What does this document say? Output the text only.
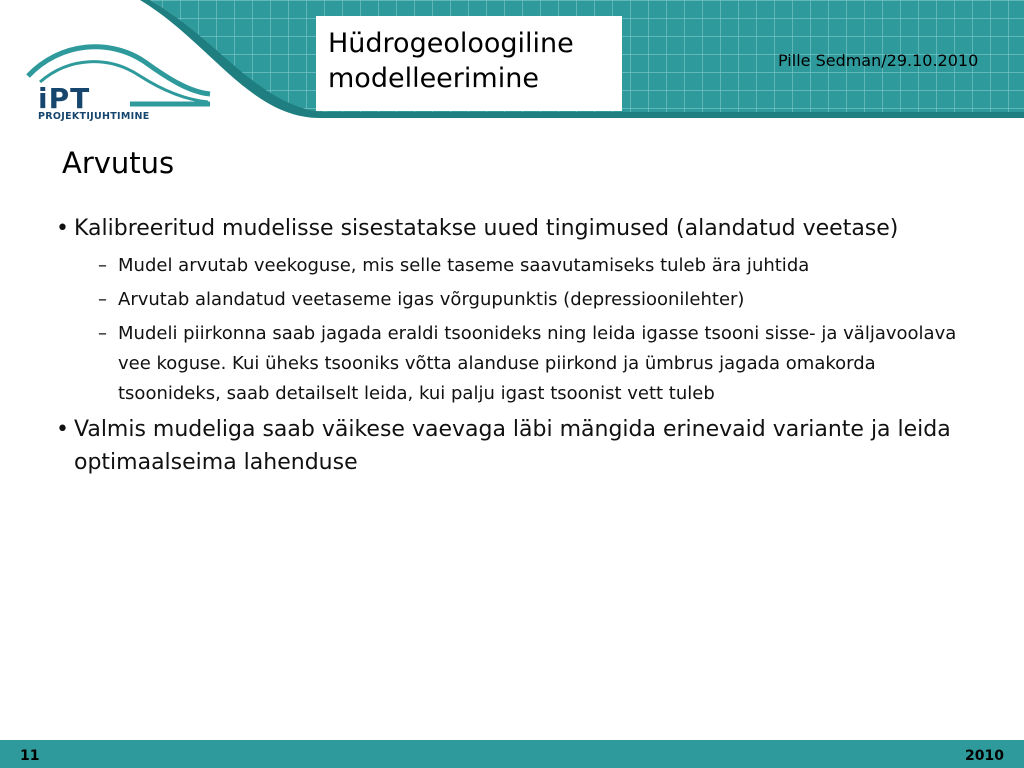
iPT
PROJEKTIJUHTIMINE
Hüdrogeoloogiline
modelleerimine
Pille Sedman/29.10.2010
Arvutus
• Kalibreeritud mudelisse sisestatakse uued tingimused (alandatud veetase)
– Mudel arvutab veekoguse, mis selle taseme saavutamiseks tuleb ära juhtida
– Arvutab alandatud veetaseme igas võrgupunktis (depressioonilehter)
– Mudeli piirkonna saab jagada eraldi tsoonideks ning leida igasse tsooni sisse- ja väljavoolava vee koguse. Kui üheks tsooniks võtta alanduse piirkond ja ümbrus jagada omakorda tsoonideks, saab detailselt leida, kui palju igast tsoonist vett tuleb
• Valmis mudeliga saab väikese vaevaga läbi mängida erinevaid variante ja leida optimaalseima lahenduse
11	2010
